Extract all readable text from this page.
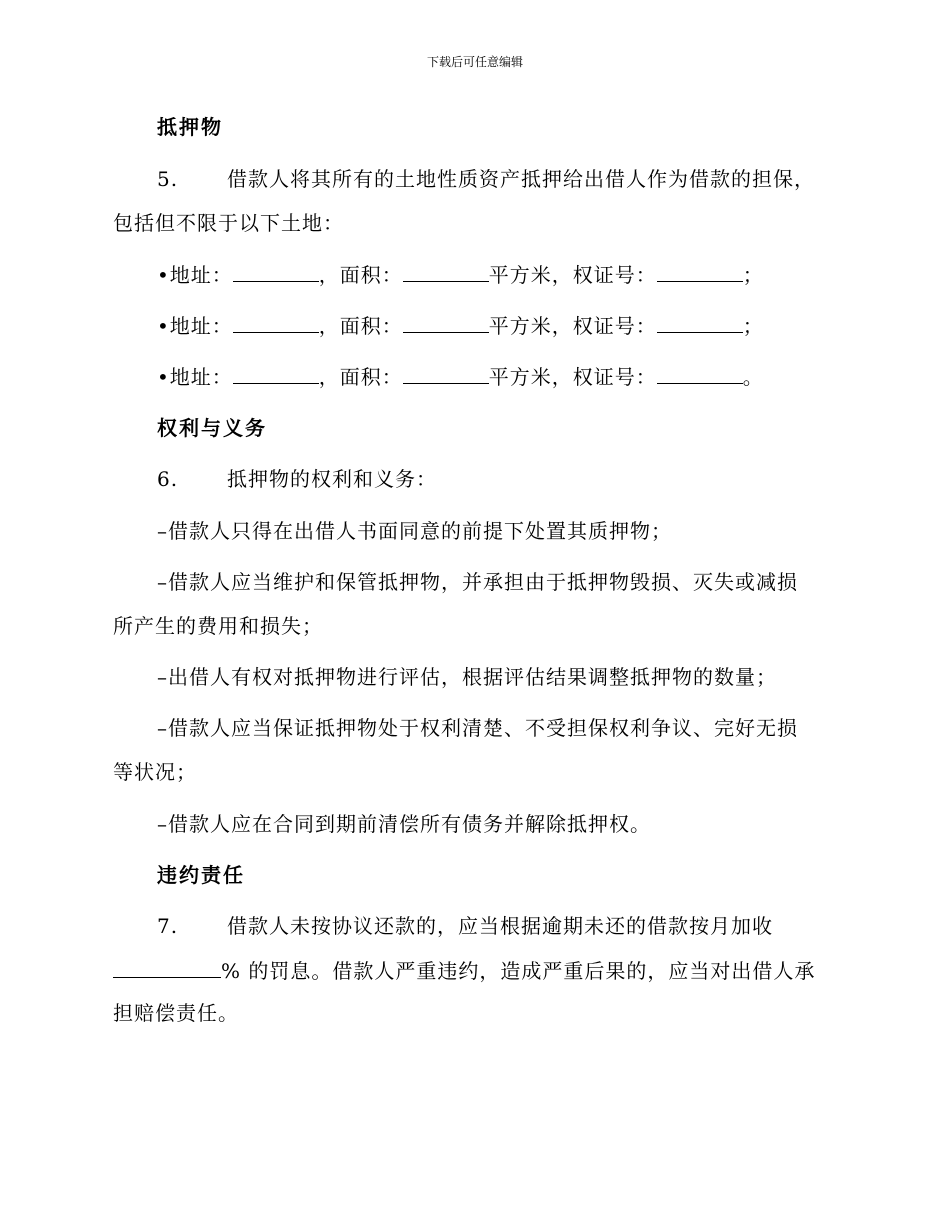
下载后可任意编辑
抵押物
5. 借款人将其所有的土地性质资产抵押给出借人作为借款的担保，
包括但不限于以下土地：
•地址：	，面积：	平方米，权证号：	；
•地址：	，面积：	平方米，权证号：	；
•地址：	，面积：	平方米，权证号：	。
权利与义务
6. 抵押物的权利和义务：
–借款人只得在出借人书面同意的前提下处置其质押物；
–借款人应当维护和保管抵押物，并承担由于抵押物毁损、灭失或减损
所产生的费用和损失；
–出借人有权对抵押物进行评估，根据评估结果调整抵押物的数量；
–借款人应当保证抵押物处于权利清楚、不受担保权利争议、完好无损
等状况；
–借款人应在合同到期前清偿所有债务并解除抵押权。
违约责任
7. 借款人未按协议还款的，应当根据逾期未还的借款按月加收
% 的罚息。借款人严重违约，造成严重后果的，应当对出借人承
担赔偿责任。
